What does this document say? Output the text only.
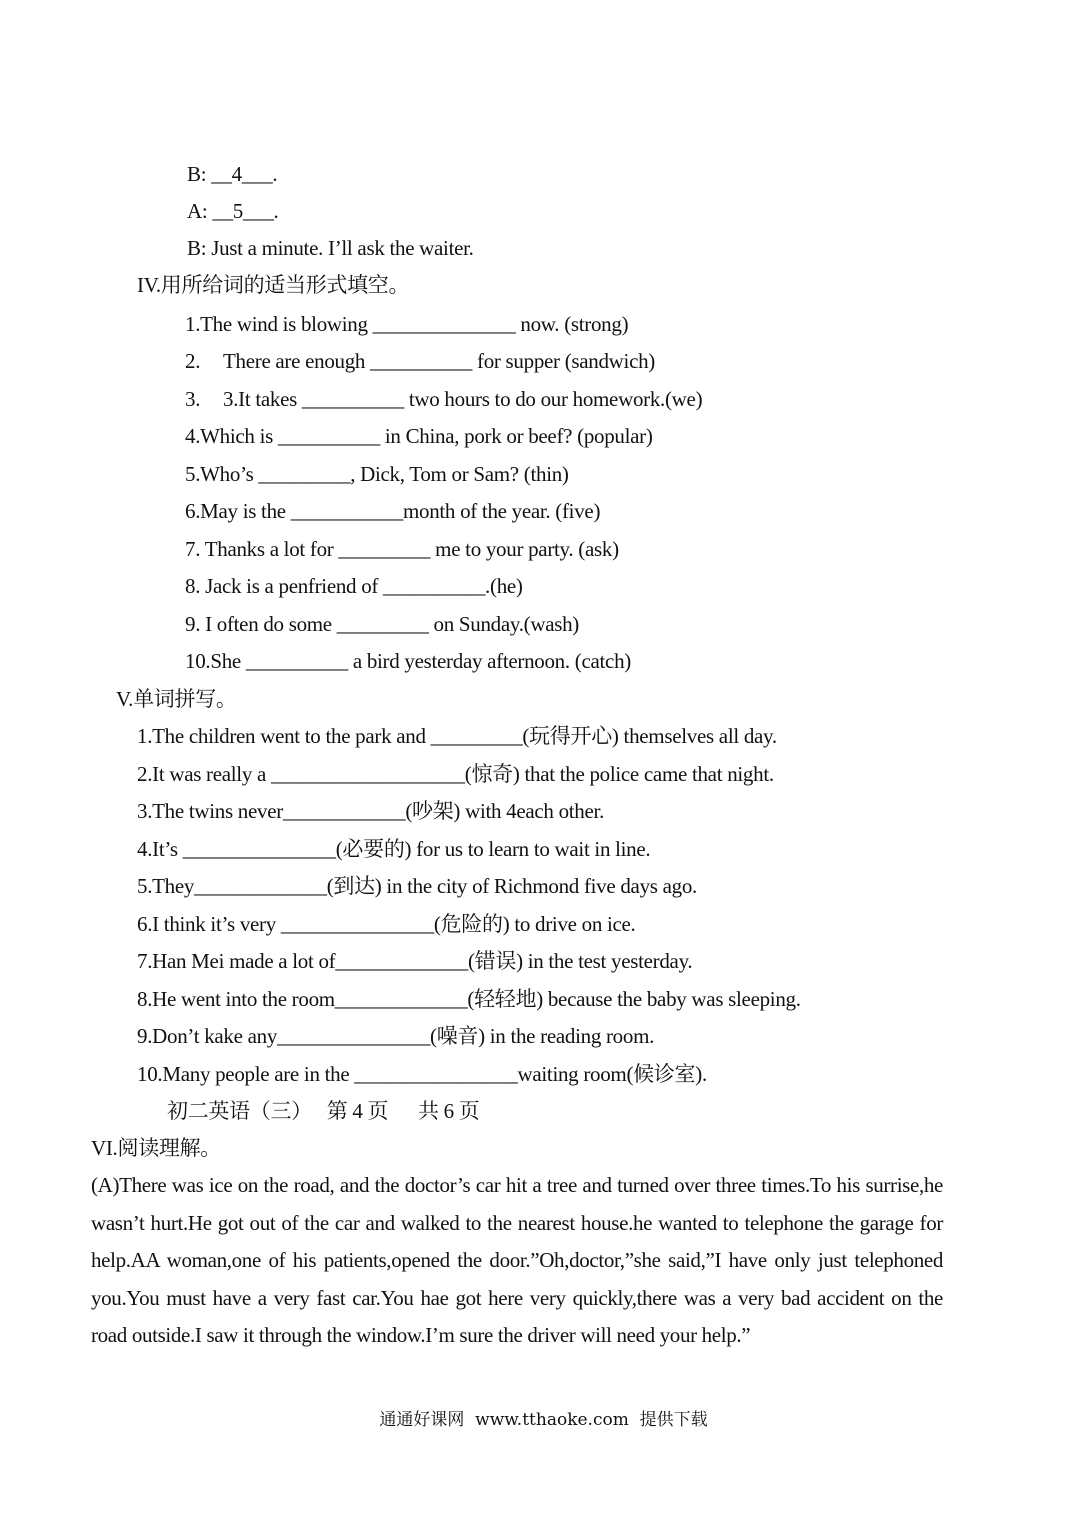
B: __4___.
A: __5___.
B: Just a minute. I’ll ask the waiter.
IV.用所给词的适当形式填空。
1.The wind is blowing ______________ now. (strong)
2. There are enough __________ for supper (sandwich)
3. 3.It takes __________ two hours to do our homework.(we)
4.Which is __________ in China, pork or beef? (popular)
5.Who’s _________, Dick, Tom or Sam? (thin)
6.May is the ___________month of the year. (five)
7. Thanks a lot for _________ me to your party. (ask)
8. Jack is a penfriend of __________.(he)
9. I often do some _________ on Sunday.(wash)
10.She __________ a bird yesterday afternoon. (catch)
V.单词拼写。
1.The children went to the park and _________(玩得开心) themselves all day.
2.It was really a ___________________(惊奇) that the police came that night.
3.The twins never____________(吵架) with 4each other.
4.It’s _______________(必要的) for us to learn to wait in line.
5.They_____________(到达) in the city of Richmond five days ago.
6.I think it’s very _______________(危险的) to drive on ice.
7.Han Mei made a lot of_____________(错误) in the test yesterday.
8.He went into the room_____________(轻轻地) because the baby was sleeping.
9.Don’t kake any_______________(噪音) in the reading room.
10.Many people are in the ________________waiting room(候诊室).
初二英语（三）   第 4 页      共 6 页
VI.阅读理解。
(A)There was ice on the road, and the doctor’s car hit a tree and turned over three times.To his surrise,he wasn’t hurt.He got out of the car and walked to the nearest house.he wanted to telephone the garage for help.AA woman,one of his patients,opened the door.”Oh,doctor,”she said,”I have only just telephoned you.You must have a very fast car.You hae got here very quickly,there was a very bad accident on the road outside.I saw it through the window.I’m sure the driver will need your help.”
通通好课网  www.tthaoke.com  提供下载
